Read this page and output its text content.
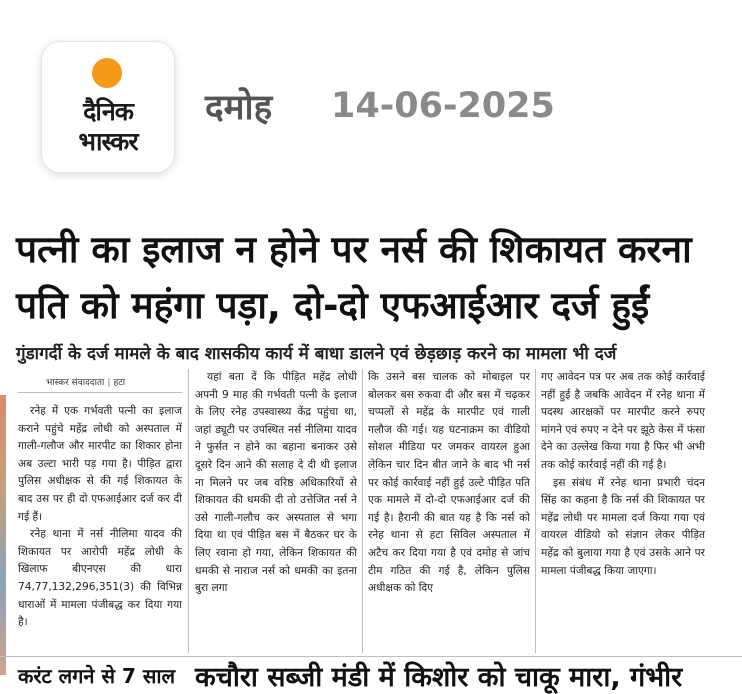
दैनिक
भास्कर
दमोह 14-06-2025
पत्नी का इलाज न होने पर नर्स की शिकायत करना
पति को महंगा पड़ा, दो-दो एफआईआर दर्ज हुईं
गुंडागर्दी के दर्ज मामले के बाद शासकीय कार्य में बाधा डालने एवं छेड़छाड़ करने का मामला भी दर्ज
भास्कर संवाददाता | हटा

रनेह में एक गर्भवती पत्नी का इलाज कराने पहुंचे महेंद्र लोधी को अस्पताल में गाली-गलौज और मारपीट का शिकार होना अब उल्टा भारी पड़ गया है। पीड़ित द्वारा पुलिस अधीक्षक से की गई शिकायत के बाद उस पर ही दो एफआईआर दर्ज कर दी गई हैं।

रनेह थाना में नर्स नीलिमा यादव की शिकायत पर आरोपी महेंद्र लोधी के खिलाफ बीएनएस की धारा 74,77,132,296,351(3) की विभिन्न धाराओं में मामला पंजीबद्ध कर दिया गया है।

यहां बता दें कि पीड़ित महेंद्र लोधी अपनी 9 माह की गर्भवती पत्नी के इलाज के लिए रनेह उपस्वास्थ्य केंद्र पहुंचा था, जहां ड्यूटी पर उपस्थित नर्स नीलिमा यादव ने फुर्सत न होने का बहाना बनाकर उसे दूसरे दिन आने की सलाह दे दी थी इलाज ना मिलने पर जब वरिष्ठ अधिकारियों से शिकायत की धमकी दी तो उत्तेजित नर्स ने उसे गाली-गलौच कर अस्पताल से भगा दिया था एवं पीड़ित बस में बैठकर घर के लिए रवाना हो गया, लेकिन शिकायत की धमकी से नाराज नर्स को धमकी का इतना बुरा लगा

कि उसने बस चालक को मोबाइल पर बोलकर बस रुकवा दी और बस में चढ़कर चप्पलों से महेंद्र के मारपीट एवं गाली गलौज की गई। यह घटनाक्रम का वीडियो सोशल मीडिया पर जमकर वायरल हुआ लेकिन चार दिन बीत जाने के बाद भी नर्स पर कोई कार्रवाई नहीं हुई उल्टे पीड़ित पति एक मामले में दो-दो एफआईआर दर्ज की गई है। हैरानी की बात यह है कि नर्स को रनेह थाना से हटा सिविल अस्पताल में अटैच कर दिया गया है एवं दमोह से जांच टीम गठित की गई है, लेकिन पुलिस अधीक्षक को दिए

गए आवेदन पत्र पर अब तक कोई कार्रवाई नहीं हुई है जबकि आवेदन में रनेह थाना में पदस्थ आरक्षकों पर मारपीट करने रुपए मांगने एवं रुपए न देने पर झूठे केस में फंसा देने का उल्लेख किया गया है फिर भी अभी तक कोई कार्रवाई नहीं की गई है।

इस संबंध में रनेह थाना प्रभारी चंदन सिंह का कहना है कि नर्स की शिकायत पर महेंद्र लोधी पर मामला दर्ज किया गया एवं वायरल वीडियो को संज्ञान लेकर पीड़ित महेंद्र को बुलाया गया है एवं उसके आने पर मामला पंजीबद्ध किया जाएगा।

करंट लगने से 7 साल कचौरा सब्जी मंडी में किशोर को चाकू मारा, गंभीर
